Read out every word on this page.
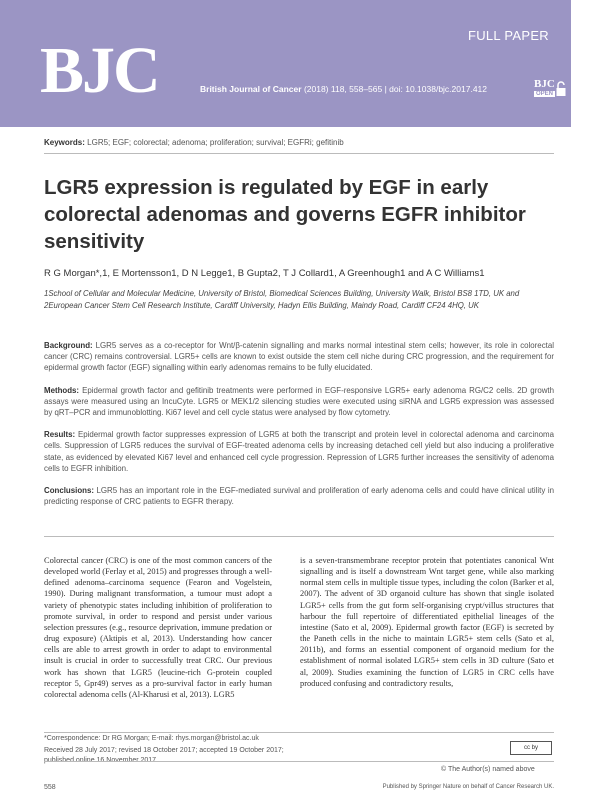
FULL PAPER
BJC	British Journal of Cancer (2018) 118, 558–565 | doi: 10.1038/bjc.2017.412	BJC
OPEN
Keywords: LGR5; EGF; colorectal; adenoma; proliferation; survival; EGFRi; gefitinib
LGR5 expression is regulated by EGF in early colorectal adenomas and governs EGFR inhibitor sensitivity
R G Morgan*,1, E Mortensson1, D N Legge1, B Gupta2, T J Collard1, A Greenhough1 and A C Williams1
1School of Cellular and Molecular Medicine, University of Bristol, Biomedical Sciences Building, University Walk, Bristol BS8 1TD, UK and 2European Cancer Stem Cell Research Institute, Cardiff University, Hadyn Ellis Building, Maindy Road, Cardiff CF24 4HQ, UK

Background: LGR5 serves as a co-receptor for Wnt/β-catenin signalling and marks normal intestinal stem cells; however, its role in colorectal cancer (CRC) remains controversial. LGR5+ cells are known to exist outside the stem cell niche during CRC progression, and the requirement for epidermal growth factor (EGF) signalling within early adenomas remains to be fully elucidated.

Methods: Epidermal growth factor and gefitinib treatments were performed in EGF-responsive LGR5+ early adenoma RG/C2 cells. 2D growth assays were measured using an IncuCyte. LGR5 or MEK1/2 silencing studies were executed using siRNA and LGR5 expression was assessed by qRT–PCR and immunoblotting. Ki67 level and cell cycle status were analysed by flow cytometry.

Results: Epidermal growth factor suppresses expression of LGR5 at both the transcript and protein level in colorectal adenoma and carcinoma cells. Suppression of LGR5 reduces the survival of EGF-treated adenoma cells by increasing detached cell yield but also inducing a proliferative state, as evidenced by elevated Ki67 level and enhanced cell cycle progression. Repression of LGR5 further increases the sensitivity of adenoma cells to EGFR inhibition.

Conclusions: LGR5 has an important role in the EGF-mediated survival and proliferation of early adenoma cells and could have clinical utility in predicting response of CRC patients to EGFR therapy.

Colorectal cancer (CRC) is one of the most common cancers of the developed world (Ferlay et al, 2015) and progresses through a well-defined adenoma–carcinoma sequence (Fearon and Vogelstein, 1990). During malignant transformation, a tumour must adopt a variety of phenotypic states including inhibition of proliferation to promote survival, in order to respond and persist under various selection pressures (e.g., resource deprivation, immune predation or drug exposure) (Aktipis et al, 2013). Understanding how cancer cells are able to arrest growth in order to adapt to environmental insult is crucial in order to successfully treat CRC. Our previous work has shown that LGR5 (leucine-rich G-protein coupled receptor 5, Gpr49) serves as a pro-survival factor in early human colorectal adenoma cells (Al-Kharusi et al, 2013). LGR5
is a seven-transmembrane receptor protein that potentiates canonical Wnt signalling and is itself a downstream Wnt target gene, while also marking normal stem cells in multiple tissue types, including the colon (Barker et al, 2007). The advent of 3D organoid culture has shown that single isolated LGR5+ cells from the gut form self-organising crypt/villus structures that harbour the full repertoire of differentiated epithelial lineages of the intestine (Sato et al, 2009). Epidermal growth factor (EGF) is secreted by the Paneth cells in the niche to maintain LGR5+ stem cells (Sato et al, 2011b), and forms an essential component of organoid medium for the establishment of normal isolated LGR5+ stem cells in 3D culture (Sato et al, 2009). Studies examining the function of LGR5 in CRC cells have produced confusing and contradictory results,
*Correspondence: Dr RG Morgan; E-mail: rhys.morgan@bristol.ac.uk
Received 28 July 2017; revised 18 October 2017; accepted 19 October 2017;	cc by
© The Author(s) named above
558	Published by Springer Nature on behalf of Cancer Research UK.
